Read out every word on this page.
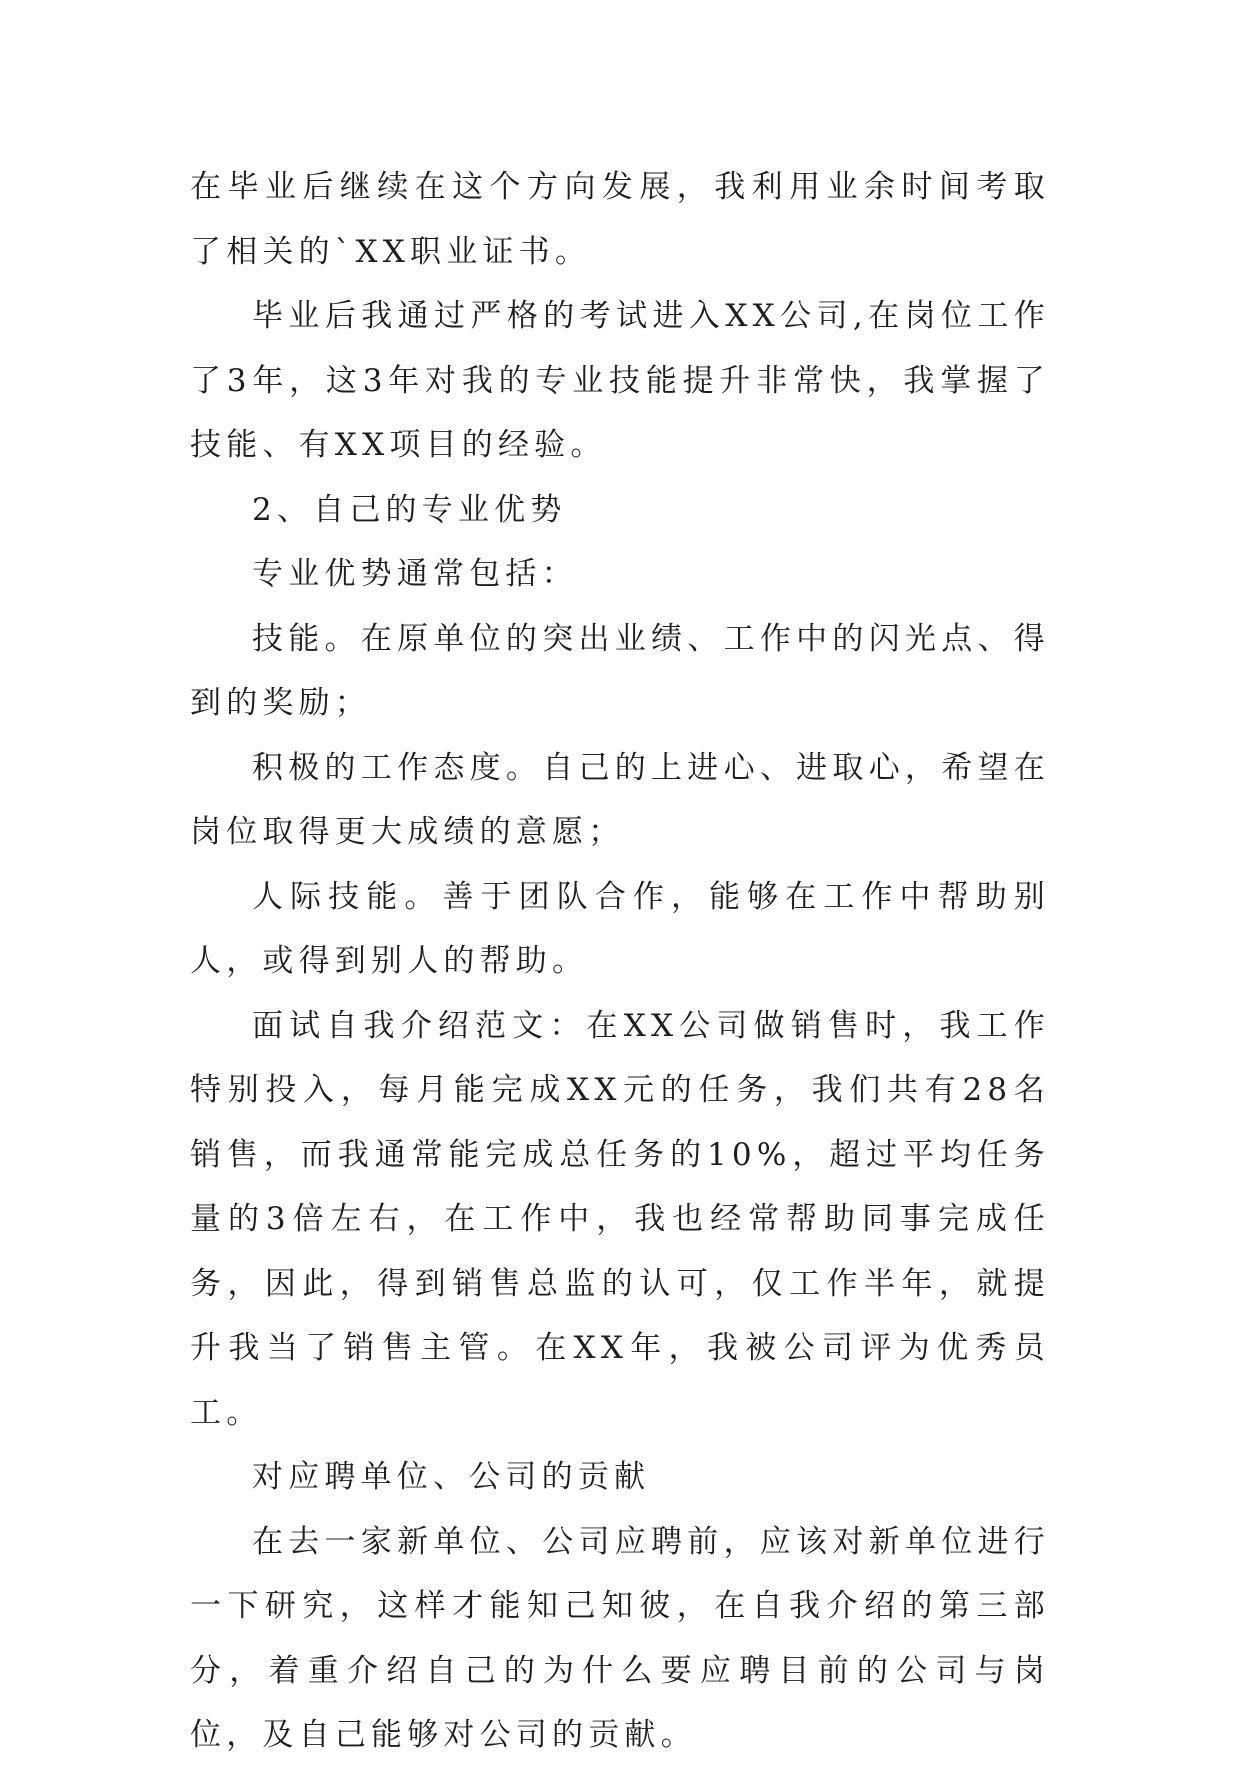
在毕业后继续在这个方向发展，我利用业余时间考取了相关的`XX职业证书。

毕业后我通过严格的考试进入XX公司,在岗位工作了3年，这3年对我的专业技能提升非常快，我掌握了技能、有XX项目的经验。

2、自己的专业优势

专业优势通常包括：

技能。在原单位的突出业绩、工作中的闪光点、得到的奖励；

积极的工作态度。自己的上进心、进取心，希望在岗位取得更大成绩的意愿；

人际技能。善于团队合作，能够在工作中帮助别人，或得到别人的帮助。

面试自我介绍范文：在XX公司做销售时，我工作特别投入，每月能完成XX元的任务，我们共有28名销售，而我通常能完成总任务的10%，超过平均任务量的3倍左右，在工作中，我也经常帮助同事完成任务，因此，得到销售总监的认可，仅工作半年，就提升我当了销售主管。在XX年，我被公司评为优秀员工。

对应聘单位、公司的贡献

在去一家新单位、公司应聘前，应该对新单位进行一下研究，这样才能知己知彼，在自我介绍的第三部分，着重介绍自己的为什么要应聘目前的公司与岗位，及自己能够对公司的贡献。
